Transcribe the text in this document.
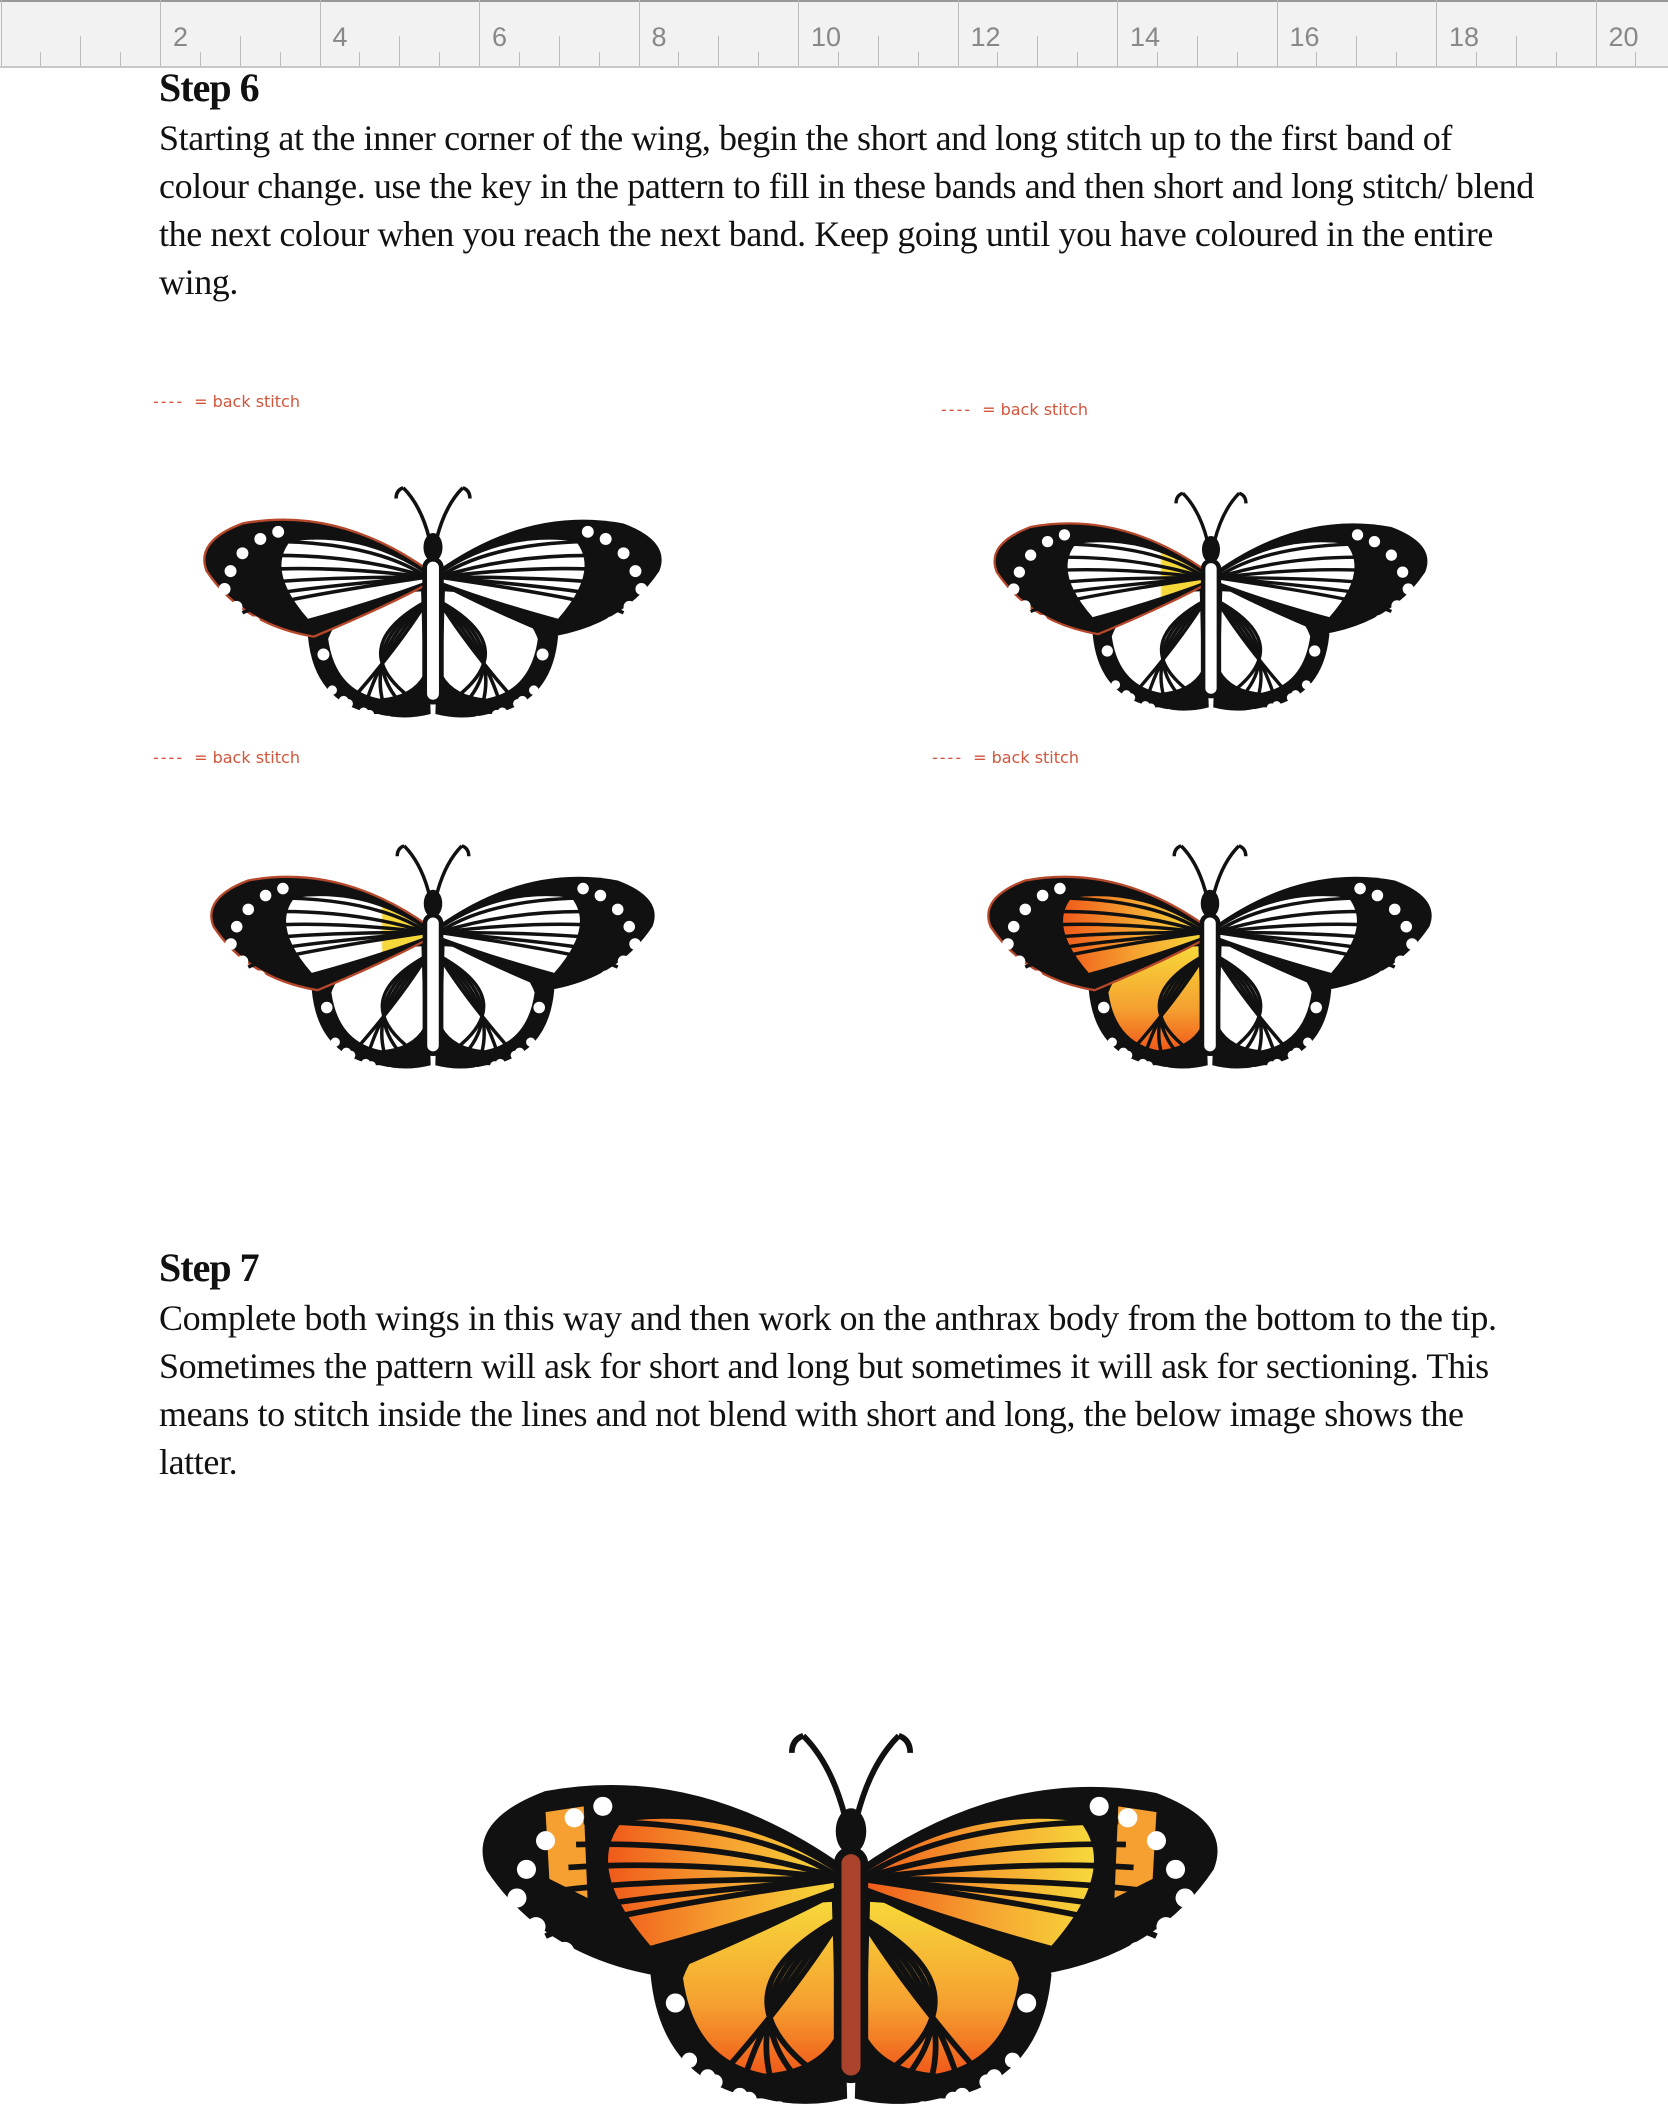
2	4	6	8	10	12	14	16	18	20
Step 6
Starting at the inner corner of the wing, begin the short and long stitch up to the first band of colour change. use the key in the pattern to fill in these bands and then short and long stitch/ blend the next colour when you reach the next band. Keep going until you have coloured in the entire wing.
---- = back stitch	---- = back stitch
---- = back stitch	---- = back stitch
Step 7
Complete both wings in this way and then work on the anthrax body from the bottom to the tip. Sometimes the pattern will ask for short and long but sometimes it will ask for sectioning. This means to stitch inside the lines and not blend with short and long, the below image shows the latter.
